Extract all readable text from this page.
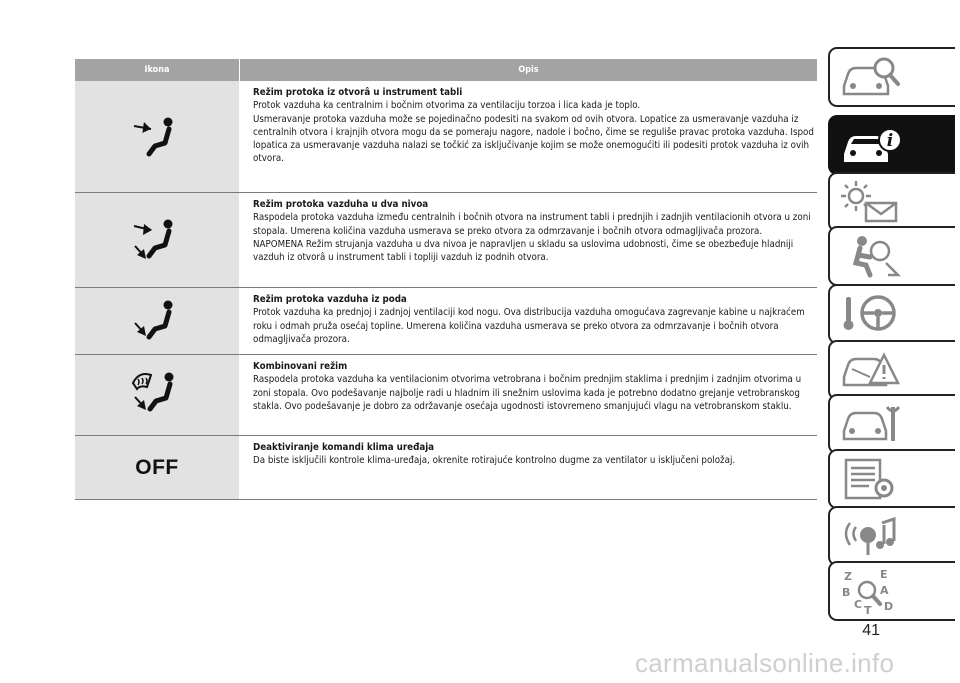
Ikona	Opis
Režim protoka iz otvorâ u instrument tabli
Protok vazduha ka centralnim i bočnim otvorima za ventilaciju torzoa i lica kada je toplo.
Usmeravanje protoka vazduha može se pojedinačno podesiti na svakom od ovih otvora. Lopatice za usmeravanje vazduha iz centralnih otvora i krajnjih otvora mogu da se pomeraju nagore, nadole i bočno, čime se reguliše pravac protoka vazduha. Ispod lopatica za usmeravanje vazduha nalazi se točkić za isključivanje kojim se može onemogućiti ili podesiti protok vazduha iz ovih otvora.
Režim protoka vazduha u dva nivoa
Raspodela protoka vazduha između centralnih i bočnih otvora na instrument tabli i prednjih i zadnjih ventilacionih otvora u zoni stopala. Umerena količina vazduha usmerava se preko otvora za odmrzavanje i bočnih otvora odmagljivača prozora.
NAPOMENA Režim strujanja vazduha u dva nivoa je napravljen u skladu sa uslovima udobnosti, čime se obezbeđuje hladniji vazduh iz otvorâ u instrument tabli i topliji vazduh iz podnih otvora.
Režim protoka vazduha iz poda
Protok vazduha ka prednjoj i zadnjoj ventilaciji kod nogu. Ova distribucija vazduha omogućava zagrevanje kabine u najkraćem roku i odmah pruža osećaj topline. Umerena količina vazduha usmerava se preko otvora za odmrzavanje i bočnih otvora odmagljivača prozora.
Kombinovani režim
Raspodela protoka vazduha ka ventilacionim otvorima vetrobrana i bočnim prednjim staklima i prednjim i zadnjim otvorima u zoni stopala. Ovo podešavanje najbolje radi u hladnim ili snežnim uslovima kada je potrebno dodatno grejanje vetrobranskog stakla. Ovo podešavanje je dobro za održavanje osećaja ugodnosti istovremeno smanjujući vlagu na vetrobranskom staklu.
OFF
Deaktiviranje komandi klima uređaja
Da biste isključili kontrole klima-uređaja, okrenite rotirajuće kontrolno dugme za ventilator u isključeni položaj.
i
Z	E
B	A
C D
T
41
carmanualsonline.info
